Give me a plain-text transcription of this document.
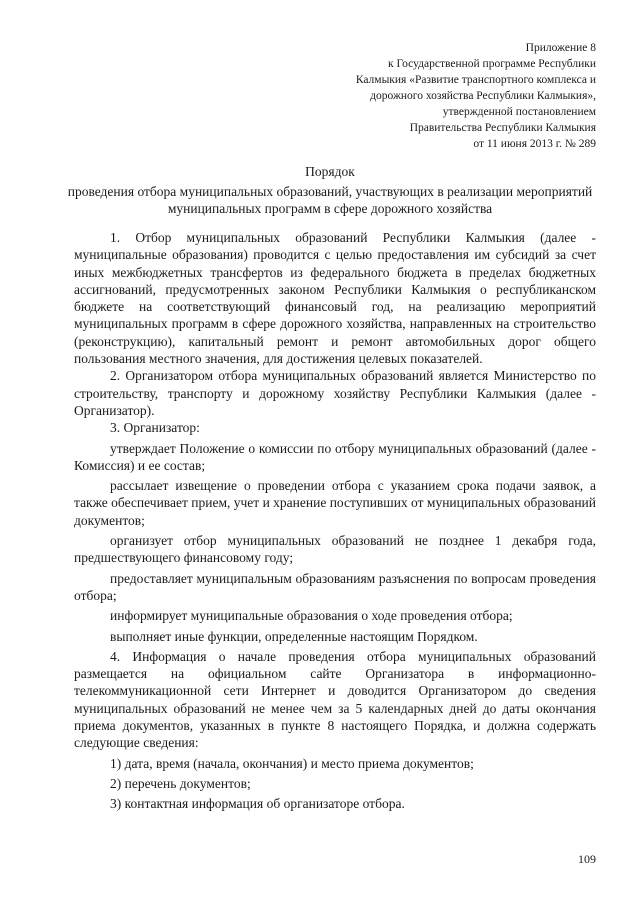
Приложение 8
к Государственной программе Республики
Калмыкия «Развитие транспортного комплекса и
дорожного хозяйства Республики Калмыкия»,
утвержденной постановлением
Правительства Республики Калмыкия
от 11 июня 2013 г. № 289
Порядок
проведения отбора муниципальных образований, участвующих в реализации мероприятий муниципальных программ в сфере дорожного хозяйства

1. Отбор муниципальных образований Республики Калмыкия (далее - муниципальные образования) проводится с целью предоставления им субсидий за счет иных межбюджетных трансфертов из федерального бюджета в пределах бюджетных ассигнований, предусмотренных законом Республики Калмыкия о республиканском бюджете на соответствующий финансовый год, на реализацию мероприятий муниципальных программ в сфере дорожного хозяйства, направленных на строительство (реконструкцию), капитальный ремонт и ремонт автомобильных дорог общего пользования местного значения, для достижения целевых показателей.

2. Организатором отбора муниципальных образований является Министерство по строительству, транспорту и дорожному хозяйству Республики Калмыкия (далее - Организатор).

3. Организатор:

утверждает Положение о комиссии по отбору муниципальных образований (далее - Комиссия) и ее состав;

рассылает извещение о проведении отбора с указанием срока подачи заявок, а также обеспечивает прием, учет и хранение поступивших от муниципальных образований документов;

организует отбор муниципальных образований не позднее 1 декабря года, предшествующего финансовому году;

предоставляет муниципальным образованиям разъяснения по вопросам проведения отбора;

информирует муниципальные образования о ходе проведения отбора;

выполняет иные функции, определенные настоящим Порядком.

4. Информация о начале проведения отбора муниципальных образований размещается на официальном сайте Организатора в информационно-телекоммуникационной сети Интернет и доводится Организатором до сведения муниципальных образований не менее чем за 5 календарных дней до даты окончания приема документов, указанных в пункте 8 настоящего Порядка, и должна содержать следующие сведения:

1) дата, время (начала, окончания) и место приема документов;

2) перечень документов;

3) контактная информация об организаторе отбора.

109
